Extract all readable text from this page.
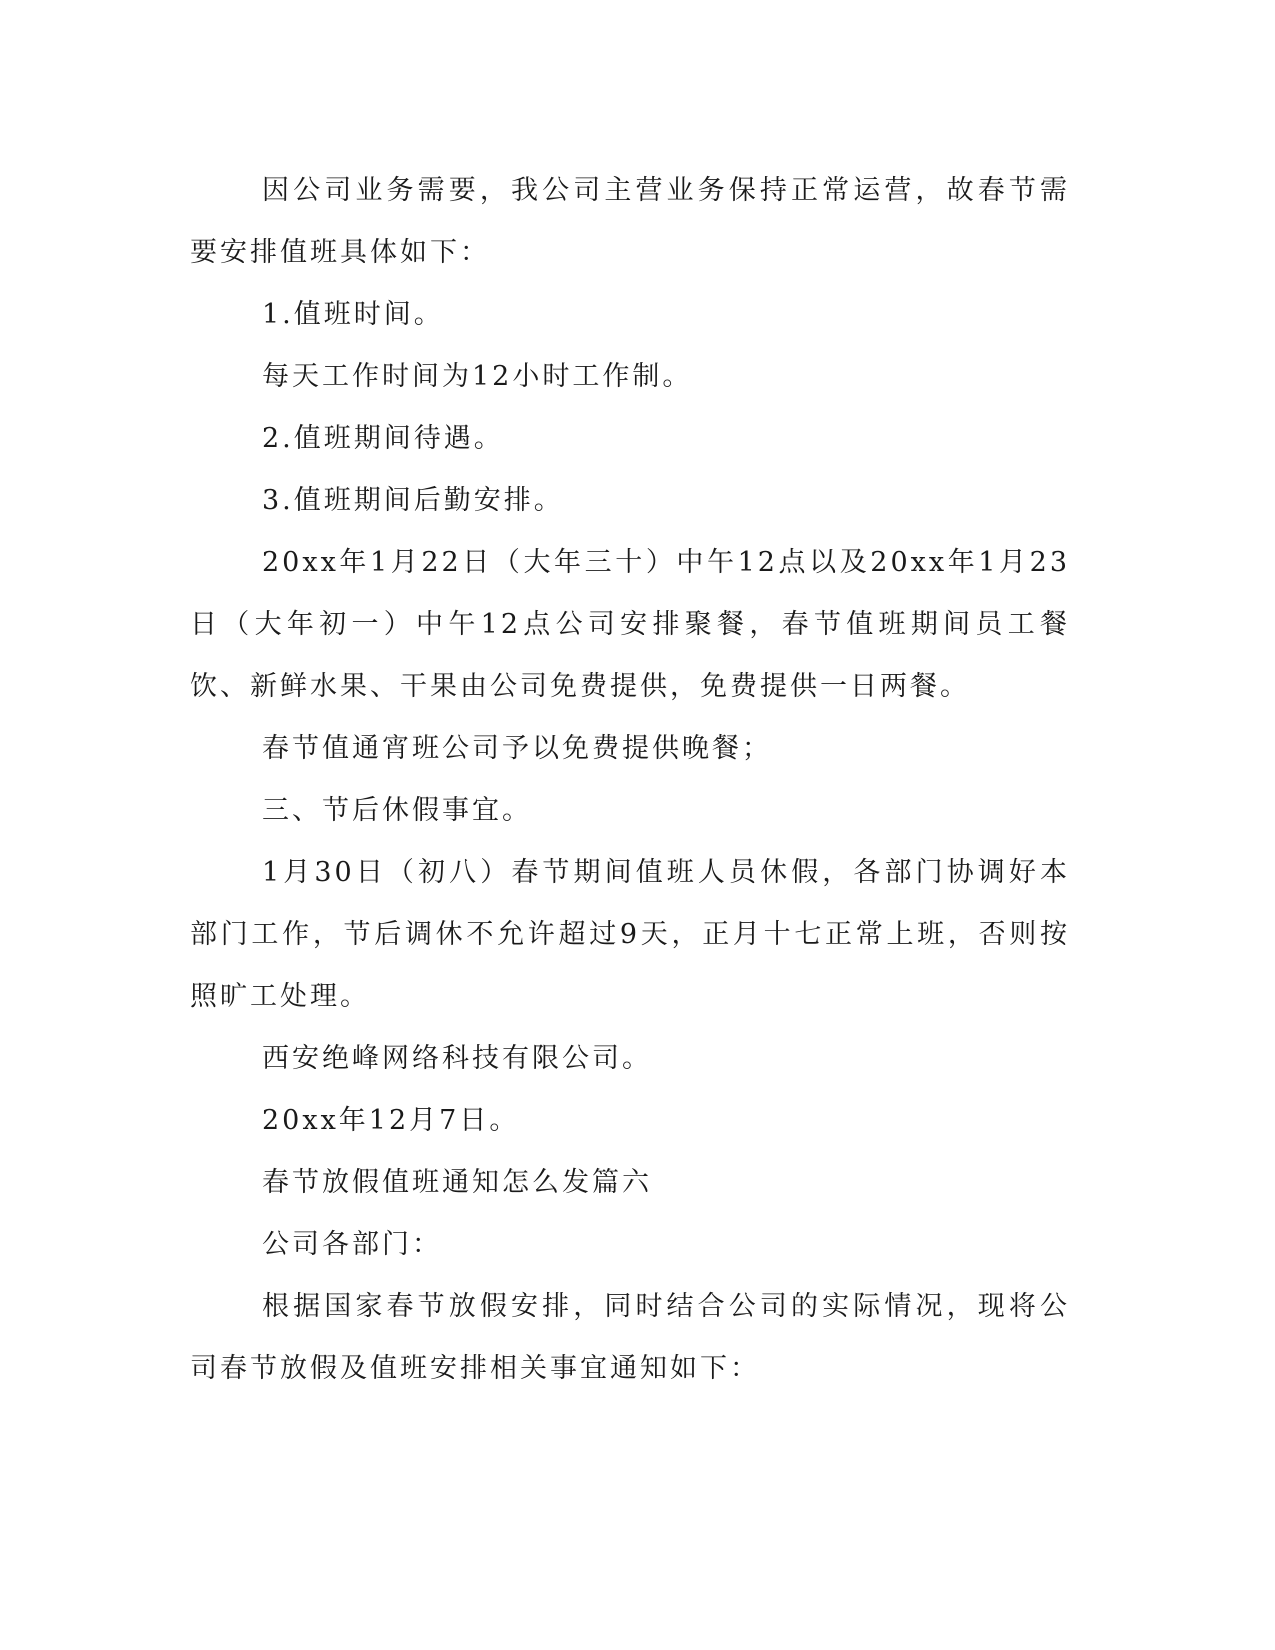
因公司业务需要，我公司主营业务保持正常运营，故春节需要安排值班具体如下：

1.值班时间。

每天工作时间为12小时工作制。

2.值班期间待遇。

3.值班期间后勤安排。

20xx年1月22日（大年三十）中午12点以及20xx年1月23日（大年初一）中午12点公司安排聚餐，春节值班期间员工餐饮、新鲜水果、干果由公司免费提供，免费提供一日两餐。

春节值通宵班公司予以免费提供晚餐；

三、节后休假事宜。

1月30日（初八）春节期间值班人员休假，各部门协调好本部门工作，节后调休不允许超过9天，正月十七正常上班，否则按照旷工处理。

西安绝峰网络科技有限公司。

20xx年12月7日。

春节放假值班通知怎么发篇六

公司各部门：

根据国家春节放假安排，同时结合公司的实际情况，现将公司春节放假及值班安排相关事宜通知如下：
